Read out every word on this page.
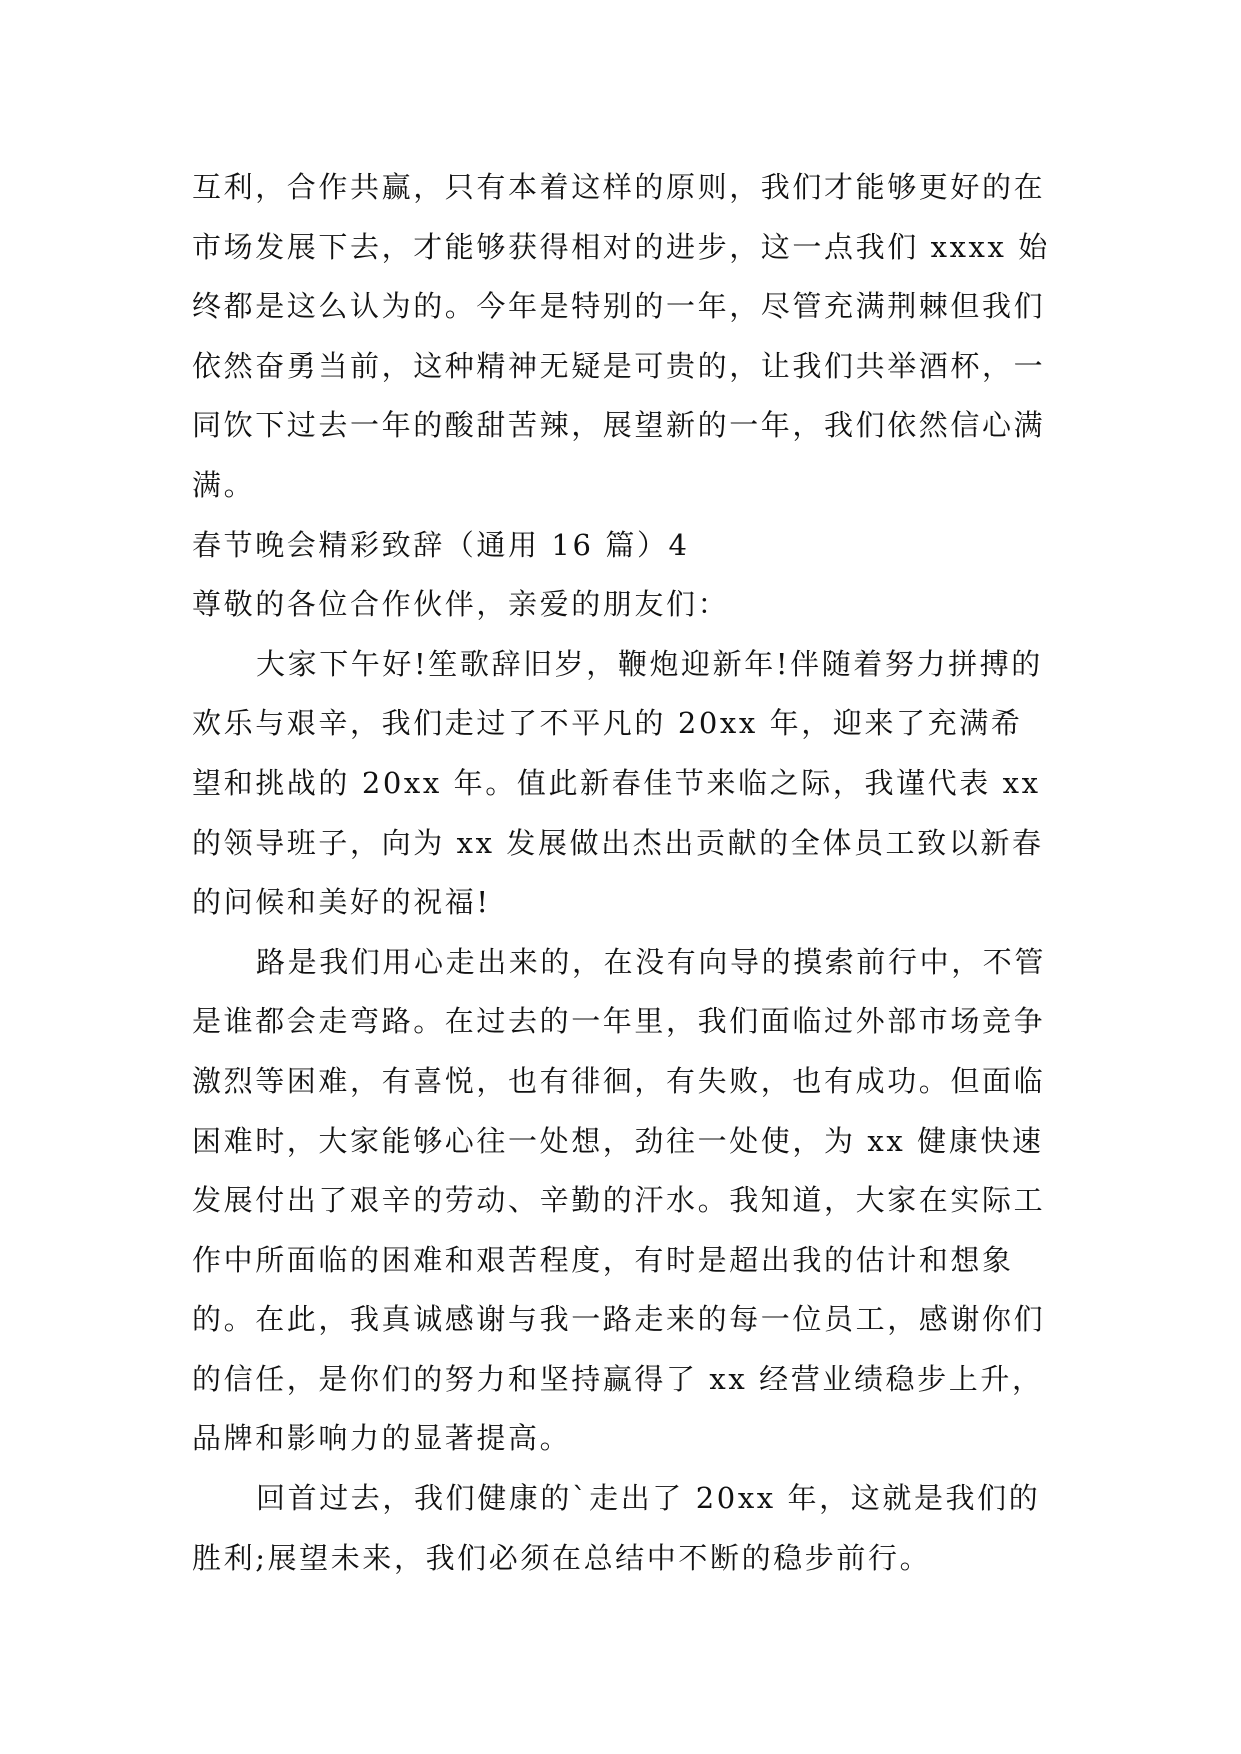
互利，合作共赢，只有本着这样的原则，我们才能够更好的在市场发展下去，才能够获得相对的进步，这一点我们 xxxx 始终都是这么认为的。今年是特别的一年，尽管充满荆棘但我们依然奋勇当前，这种精神无疑是可贵的，让我们共举酒杯，一同饮下过去一年的酸甜苦辣，展望新的一年，我们依然信心满满。

春节晚会精彩致辞（通用 16 篇）4

尊敬的各位合作伙伴，亲爱的朋友们：

大家下午好!笙歌辞旧岁，鞭炮迎新年!伴随着努力拼搏的欢乐与艰辛，我们走过了不平凡的 20xx 年，迎来了充满希望和挑战的 20xx 年。值此新春佳节来临之际，我谨代表 xx 的领导班子，向为 xx 发展做出杰出贡献的全体员工致以新春的问候和美好的祝福!

路是我们用心走出来的，在没有向导的摸索前行中，不管是谁都会走弯路。在过去的一年里，我们面临过外部市场竞争激烈等困难，有喜悦，也有徘徊，有失败，也有成功。但面临困难时，大家能够心往一处想，劲往一处使，为 xx 健康快速发展付出了艰辛的劳动、辛勤的汗水。我知道，大家在实际工作中所面临的困难和艰苦程度，有时是超出我的估计和想象的。在此，我真诚感谢与我一路走来的每一位员工，感谢你们的信任，是你们的努力和坚持赢得了 xx 经营业绩稳步上升，品牌和影响力的显著提高。

回首过去，我们健康的`走出了 20xx 年，这就是我们的胜利;展望未来，我们必须在总结中不断的稳步前行。
